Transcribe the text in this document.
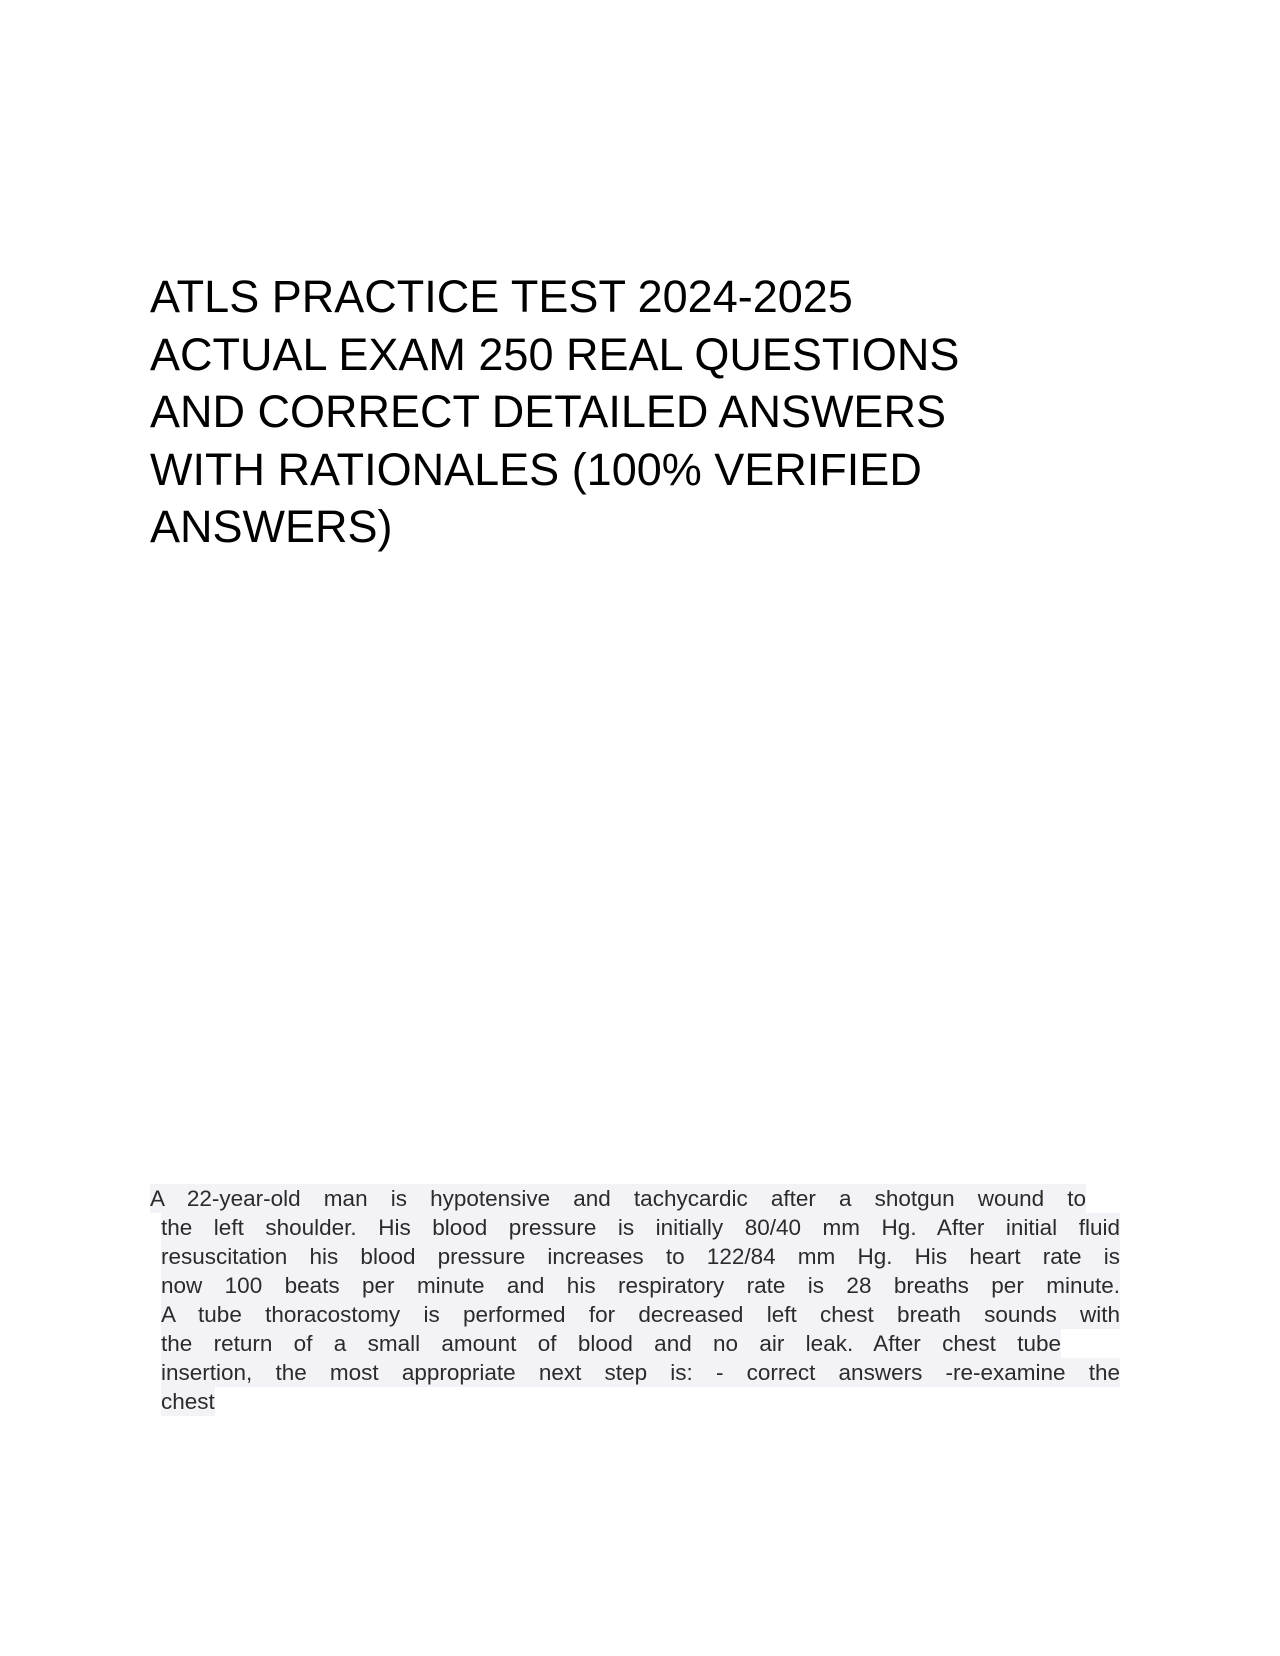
ATLS PRACTICE TEST 2024-2025
ACTUAL EXAM 250 REAL QUESTIONS
AND CORRECT DETAILED ANSWERS
WITH RATIONALES (100% VERIFIED
ANSWERS)
A 22-year-old man is hypotensive and tachycardic after a shotgun wound to
the left shoulder. His blood pressure is initially 80/40 mm Hg. After initial fluid
resuscitation his blood pressure increases to 122/84 mm Hg. His heart rate is
now 100 beats per minute and his respiratory rate is 28 breaths per minute.
A tube thoracostomy is performed for decreased left chest breath sounds with
the return of a small amount of blood and no air leak. After chest tube
insertion, the most appropriate next step is: - correct answers -re-examine the
chest
